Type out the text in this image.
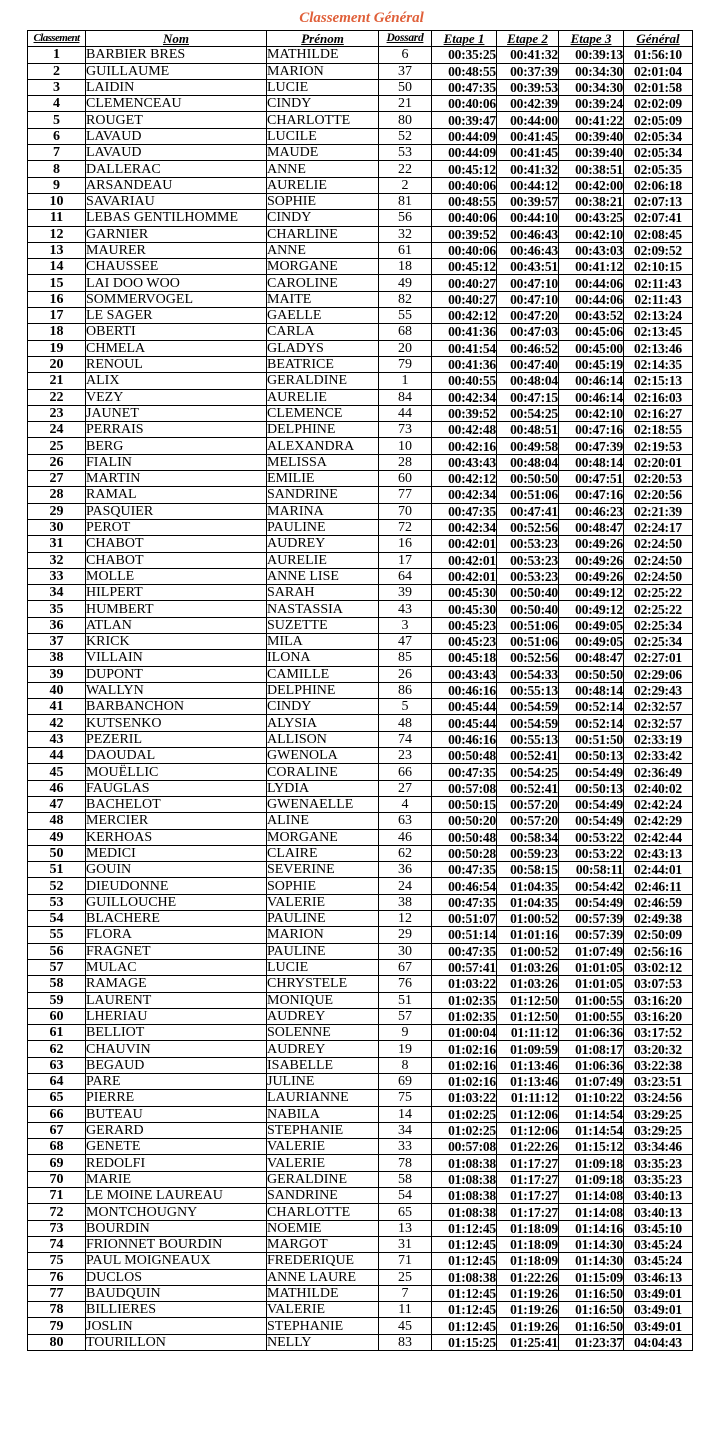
Classement Général
Classement	Nom	Prénom	Dossard	Etape 1	Etape 2	Etape 3	Général
1	BARBIER BRES	MATHILDE	6	00:35:25	00:41:32	00:39:13	01:56:10
2	GUILLAUME	MARION	37	00:48:55	00:37:39	00:34:30	02:01:04
3	LAIDIN	LUCIE	50	00:47:35	00:39:53	00:34:30	02:01:58
4	CLEMENCEAU	CINDY	21	00:40:06	00:42:39	00:39:24	02:02:09
5	ROUGET	CHARLOTTE	80	00:39:47	00:44:00	00:41:22	02:05:09
6	LAVAUD	LUCILE	52	00:44:09	00:41:45	00:39:40	02:05:34
7	LAVAUD	MAUDE	53	00:44:09	00:41:45	00:39:40	02:05:34
8	DALLERAC	ANNE	22	00:45:12	00:41:32	00:38:51	02:05:35
9	ARSANDEAU	AURELIE	2	00:40:06	00:44:12	00:42:00	02:06:18
10	SAVARIAU	SOPHIE	81	00:48:55	00:39:57	00:38:21	02:07:13
11	LEBAS GENTILHOMME	CINDY	56	00:40:06	00:44:10	00:43:25	02:07:41
12	GARNIER	CHARLINE	32	00:39:52	00:46:43	00:42:10	02:08:45
13	MAURER	ANNE	61	00:40:06	00:46:43	00:43:03	02:09:52
14	CHAUSSEE	MORGANE	18	00:45:12	00:43:51	00:41:12	02:10:15
15	LAI DOO WOO	CAROLINE	49	00:40:27	00:47:10	00:44:06	02:11:43
16	SOMMERVOGEL	MAITE	82	00:40:27	00:47:10	00:44:06	02:11:43
17	LE SAGER	GAELLE	55	00:42:12	00:47:20	00:43:52	02:13:24
18	OBERTI	CARLA	68	00:41:36	00:47:03	00:45:06	02:13:45
19	CHMELA	GLADYS	20	00:41:54	00:46:52	00:45:00	02:13:46
20	RENOUL	BEATRICE	79	00:41:36	00:47:40	00:45:19	02:14:35
21	ALIX	GERALDINE	1	00:40:55	00:48:04	00:46:14	02:15:13
22	VEZY	AURELIE	84	00:42:34	00:47:15	00:46:14	02:16:03
23	JAUNET	CLEMENCE	44	00:39:52	00:54:25	00:42:10	02:16:27
24	PERRAIS	DELPHINE	73	00:42:48	00:48:51	00:47:16	02:18:55
25	BERG	ALEXANDRA	10	00:42:16	00:49:58	00:47:39	02:19:53
26	FIALIN	MELISSA	28	00:43:43	00:48:04	00:48:14	02:20:01
27	MARTIN	EMILIE	60	00:42:12	00:50:50	00:47:51	02:20:53
28	RAMAL	SANDRINE	77	00:42:34	00:51:06	00:47:16	02:20:56
29	PASQUIER	MARINA	70	00:47:35	00:47:41	00:46:23	02:21:39
30	PEROT	PAULINE	72	00:42:34	00:52:56	00:48:47	02:24:17
31	CHABOT	AUDREY	16	00:42:01	00:53:23	00:49:26	02:24:50
32	CHABOT	AURELIE	17	00:42:01	00:53:23	00:49:26	02:24:50
33	MOLLE	ANNE LISE	64	00:42:01	00:53:23	00:49:26	02:24:50
34	HILPERT	SARAH	39	00:45:30	00:50:40	00:49:12	02:25:22
35	HUMBERT	NASTASSIA	43	00:45:30	00:50:40	00:49:12	02:25:22
36	ATLAN	SUZETTE	3	00:45:23	00:51:06	00:49:05	02:25:34
37	KRICK	MILA	47	00:45:23	00:51:06	00:49:05	02:25:34
38	VILLAIN	ILONA	85	00:45:18	00:52:56	00:48:47	02:27:01
39	DUPONT	CAMILLE	26	00:43:43	00:54:33	00:50:50	02:29:06
40	WALLYN	DELPHINE	86	00:46:16	00:55:13	00:48:14	02:29:43
41	BARBANCHON	CINDY	5	00:45:44	00:54:59	00:52:14	02:32:57
42	KUTSENKO	ALYSIA	48	00:45:44	00:54:59	00:52:14	02:32:57
43	PEZERIL	ALLISON	74	00:46:16	00:55:13	00:51:50	02:33:19
44	DAOUDAL	GWENOLA	23	00:50:48	00:52:41	00:50:13	02:33:42
45	MOUËLLIC	CORALINE	66	00:47:35	00:54:25	00:54:49	02:36:49
46	FAUGLAS	LYDIA	27	00:57:08	00:52:41	00:50:13	02:40:02
47	BACHELOT	GWENAELLE	4	00:50:15	00:57:20	00:54:49	02:42:24
48	MERCIER	ALINE	63	00:50:20	00:57:20	00:54:49	02:42:29
49	KERHOAS	MORGANE	46	00:50:48	00:58:34	00:53:22	02:42:44
50	MEDICI	CLAIRE	62	00:50:28	00:59:23	00:53:22	02:43:13
51	GOUIN	SEVERINE	36	00:47:35	00:58:15	00:58:11	02:44:01
52	DIEUDONNE	SOPHIE	24	00:46:54	01:04:35	00:54:42	02:46:11
53	GUILLOUCHE	VALERIE	38	00:47:35	01:04:35	00:54:49	02:46:59
54	BLACHERE	PAULINE	12	00:51:07	01:00:52	00:57:39	02:49:38
55	FLORA	MARION	29	00:51:14	01:01:16	00:57:39	02:50:09
56	FRAGNET	PAULINE	30	00:47:35	01:00:52	01:07:49	02:56:16
57	MULAC	LUCIE	67	00:57:41	01:03:26	01:01:05	03:02:12
58	RAMAGE	CHRYSTELE	76	01:03:22	01:03:26	01:01:05	03:07:53
59	LAURENT	MONIQUE	51	01:02:35	01:12:50	01:00:55	03:16:20
60	LHERIAU	AUDREY	57	01:02:35	01:12:50	01:00:55	03:16:20
61	BELLIOT	SOLENNE	9	01:00:04	01:11:12	01:06:36	03:17:52
62	CHAUVIN	AUDREY	19	01:02:16	01:09:59	01:08:17	03:20:32
63	BEGAUD	ISABELLE	8	01:02:16	01:13:46	01:06:36	03:22:38
64	PARE	JULINE	69	01:02:16	01:13:46	01:07:49	03:23:51
65	PIERRE	LAURIANNE	75	01:03:22	01:11:12	01:10:22	03:24:56
66	BUTEAU	NABILA	14	01:02:25	01:12:06	01:14:54	03:29:25
67	GERARD	STEPHANIE	34	01:02:25	01:12:06	01:14:54	03:29:25
68	GENETE	VALERIE	33	00:57:08	01:22:26	01:15:12	03:34:46
69	REDOLFI	VALERIE	78	01:08:38	01:17:27	01:09:18	03:35:23
70	MARIE	GERALDINE	58	01:08:38	01:17:27	01:09:18	03:35:23
71	LE MOINE LAUREAU	SANDRINE	54	01:08:38	01:17:27	01:14:08	03:40:13
72	MONTCHOUGNY	CHARLOTTE	65	01:08:38	01:17:27	01:14:08	03:40:13
73	BOURDIN	NOEMIE	13	01:12:45	01:18:09	01:14:16	03:45:10
74	FRIONNET BOURDIN	MARGOT	31	01:12:45	01:18:09	01:14:30	03:45:24
75	PAUL MOIGNEAUX	FREDERIQUE	71	01:12:45	01:18:09	01:14:30	03:45:24
76	DUCLOS	ANNE LAURE	25	01:08:38	01:22:26	01:15:09	03:46:13
77	BAUDQUIN	MATHILDE	7	01:12:45	01:19:26	01:16:50	03:49:01
78	BILLIERES	VALERIE	11	01:12:45	01:19:26	01:16:50	03:49:01
79	JOSLIN	STEPHANIE	45	01:12:45	01:19:26	01:16:50	03:49:01
80	TOURILLON	NELLY	83	01:15:25	01:25:41	01:23:37	04:04:43
